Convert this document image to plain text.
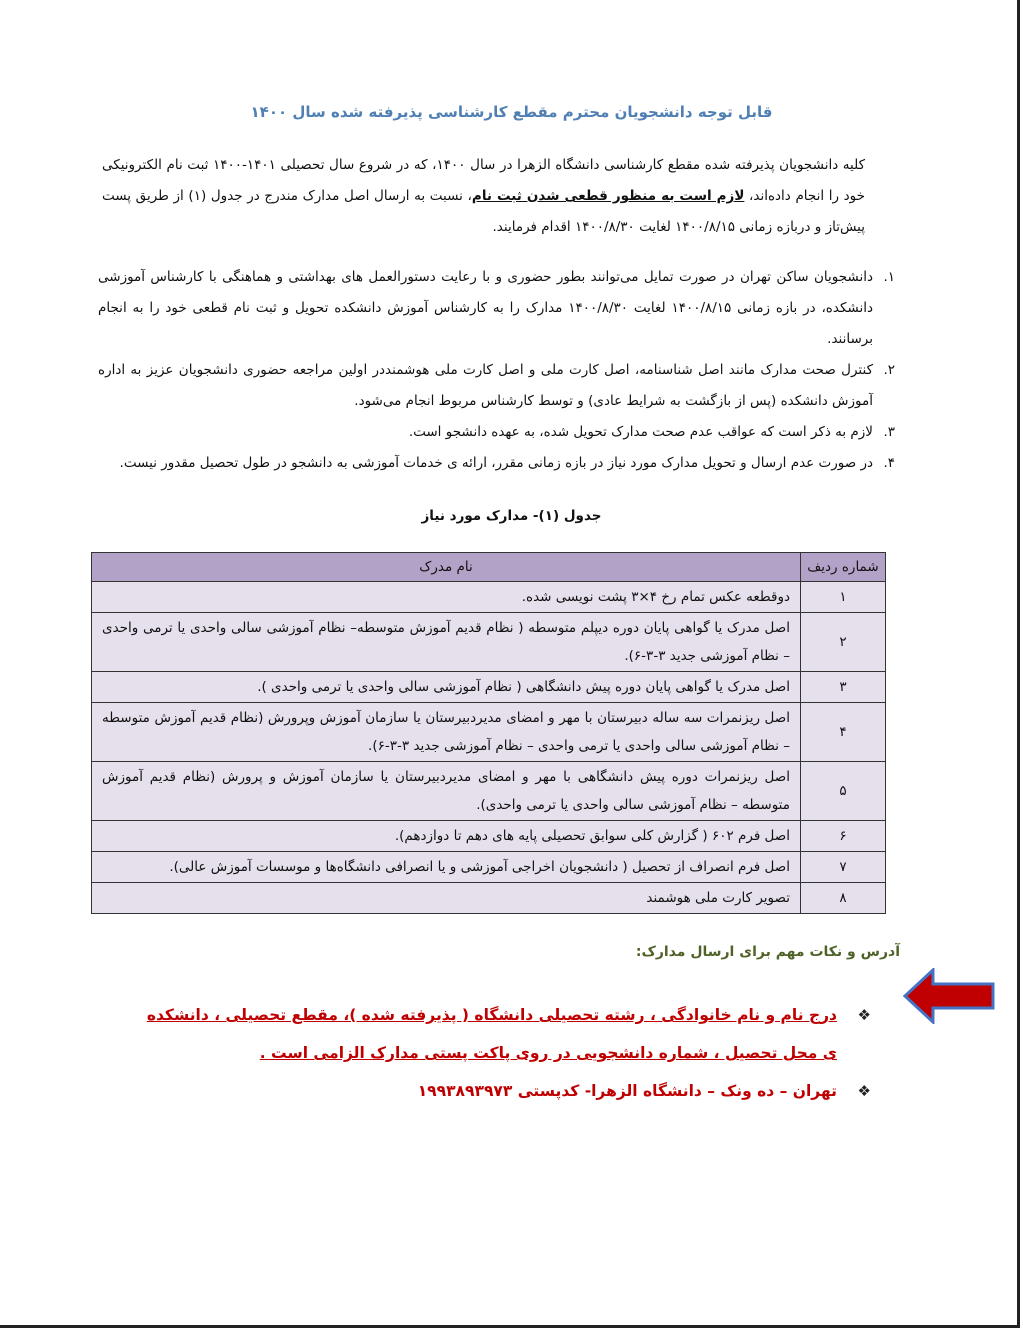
قابل توجه دانشجویان محترم مقطع کارشناسی پذیرفته شده سال ۱۴۰۰

کلیه دانشجویان پذیرفته شده مقطع کارشناسی دانشگاه الزهرا در سال ۱۴۰۰، که در شروع سال تحصیلی ۱۴۰۱-۱۴۰۰ ثبت نام الکترونیکی خود را انجام داده‌اند، لازم است به منظور قطعی شدن ثبت نام، نسبت به ارسال اصل مدارک مندرج در جدول (۱) از طریق پست پیش‌تاز و دربازه زمانی ۱۴۰۰/۸/۱۵ لغایت ۱۴۰۰/۸/۳۰ اقدام فرمایند.

۱.
دانشجویان ساکن تهران در صورت تمایل می‌توانند بطور حضوری و با رعایت دستورالعمل های بهداشتی و هماهنگی با کارشناس آموزشی دانشکده، در بازه زمانی ۱۴۰۰/۸/۱۵ لغایت ۱۴۰۰/۸/۳۰ مدارک را به کارشناس آموزش دانشکده تحویل و ثبت نام قطعی خود را به انجام برسانند.
۲.
کنترل صحت مدارک مانند اصل شناسنامه، اصل کارت ملی و اصل کارت ملی هوشمنددر اولین مراجعه حضوری دانشجویان عزیز به اداره آموزش دانشکده (پس از بازگشت به شرایط عادی) و توسط کارشناس مربوط انجام می‌شود.
۳.
لازم به ذکر است که عواقب عدم صحت مدارک تحویل شده، به عهده دانشجو است.
۴.
در صورت عدم ارسال و تحویل مدارک مورد نیاز در بازه زمانی مقرر، ارائه ی خدمات آموزشی به دانشجو در طول تحصیل مقدور نیست.
جدول (۱)- مدارک مورد نیاز
شماره ردیف	نام مدرک
۱	دوقطعه عکس تمام رخ ۴×۳ پشت نویسی شده.
۲	اصل مدرک یا گواهی پایان دوره دیپلم متوسطه ( نظام قدیم آموزش متوسطه– نظام آموزشی سالی واحدی یا ترمی واحدی – نظام آموزشی جدید ۳-۳-۶).
۳	اصل مدرک یا گواهی پایان دوره پیش دانشگاهی ( نظام آموزشی سالی واحدی یا ترمی واحدی ).
۴	اصل ریزنمرات سه ساله دبیرستان با مهر و امضای مدیردبیرستان یا سازمان آموزش وپرورش (نظام قدیم آموزش متوسطه – نظام آموزشی سالی واحدی یا ترمی واحدی – نظام آموزشی جدید ۳-۳-۶).
۵	اصل ریزنمرات دوره پیش دانشگاهی با مهر و امضای مدیردبیرستان یا سازمان آموزش و پرورش (نظام قدیم آموزش متوسطه – نظام آموزشی سالی واحدی یا ترمی واحدی).
۶	اصل فرم ۶۰۲ ( گزارش کلی سوابق تحصیلی پایه های دهم تا دوازدهم).
۷	اصل فرم انصراف از تحصیل ( دانشجویان اخراجی آموزشی و یا انصرافی دانشگاه‌ها و موسسات آموزش عالی).
۸	تصویر کارت ملی هوشمند
آدرس و نکات مهم برای ارسال مدارک:
❖
درج نام و نام خانوادگی ، رشته تحصیلی دانشگاه ( پذیرفته شده )، مقطع تحصیلی ، دانشکده ی محل تحصیل ، شماره دانشجویی در روی پاکت پستی مدارک الزامی است .
❖
تهران – ده ونک – دانشگاه الزهرا- کدپستی ۱۹۹۳۸۹۳۹۷۳
